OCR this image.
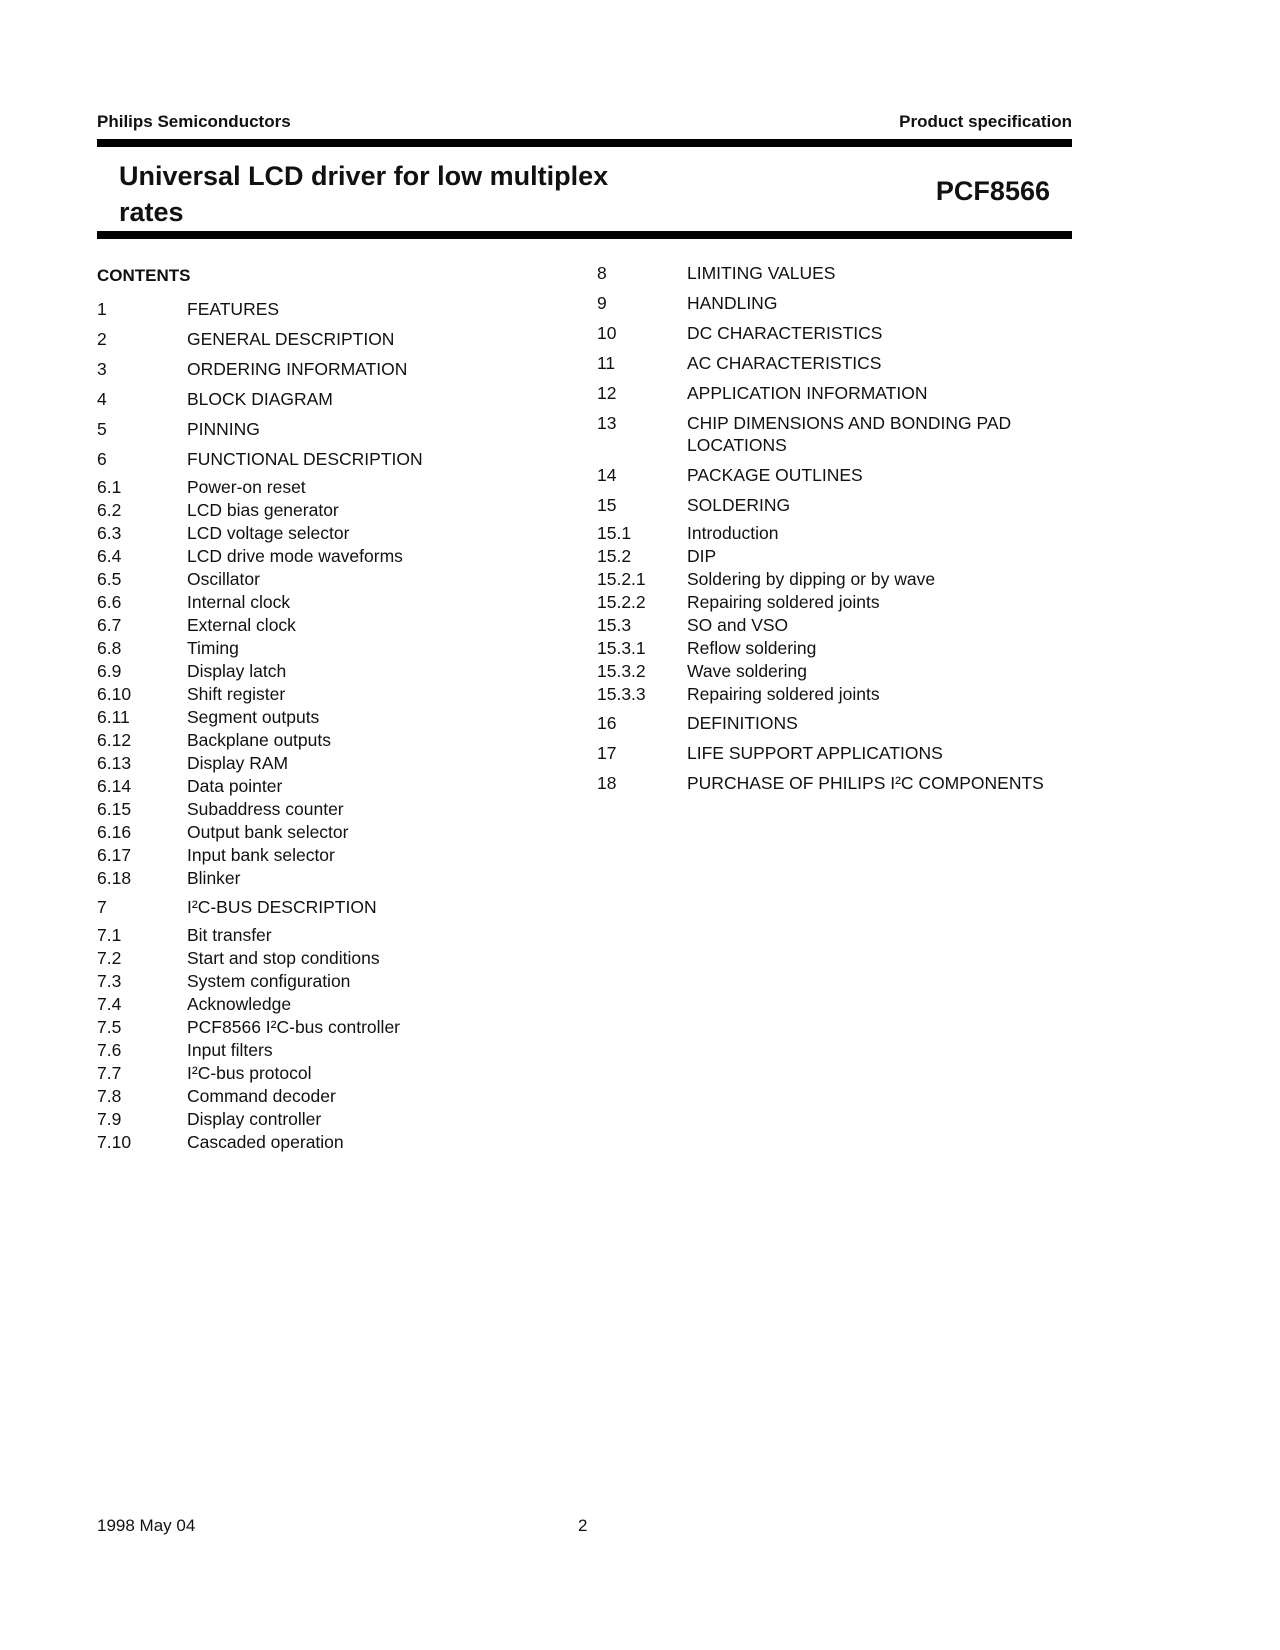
Philips Semiconductors	Product specification
Universal LCD driver for low multiplex rates
PCF8566
CONTENTS
1	FEATURES
2	GENERAL DESCRIPTION
3	ORDERING INFORMATION
4	BLOCK DIAGRAM
5	PINNING
6	FUNCTIONAL DESCRIPTION
6.1	Power-on reset
6.2	LCD bias generator
6.3	LCD voltage selector
6.4	LCD drive mode waveforms
6.5	Oscillator
6.6	Internal clock
6.7	External clock
6.8	Timing
6.9	Display latch
6.10	Shift register
6.11	Segment outputs
6.12	Backplane outputs
6.13	Display RAM
6.14	Data pointer
6.15	Subaddress counter
6.16	Output bank selector
6.17	Input bank selector
6.18	Blinker
7	I²C-BUS DESCRIPTION
7.1	Bit transfer
7.2	Start and stop conditions
7.3	System configuration
7.4	Acknowledge
7.5	PCF8566 I²C-bus controller
7.6	Input filters
7.7	I²C-bus protocol
7.8	Command decoder
7.9	Display controller
7.10	Cascaded operation
8	LIMITING VALUES
9	HANDLING
10	DC CHARACTERISTICS
11	AC CHARACTERISTICS
12	APPLICATION INFORMATION
13	CHIP DIMENSIONS AND BONDING PAD LOCATIONS
14	PACKAGE OUTLINES
15	SOLDERING
15.1	Introduction
15.2	DIP
15.2.1	Soldering by dipping or by wave
15.2.2	Repairing soldered joints
15.3	SO and VSO
15.3.1	Reflow soldering
15.3.2	Wave soldering
15.3.3	Repairing soldered joints
16	DEFINITIONS
17	LIFE SUPPORT APPLICATIONS
18	PURCHASE OF PHILIPS I²C COMPONENTS
1998 May 04	2
